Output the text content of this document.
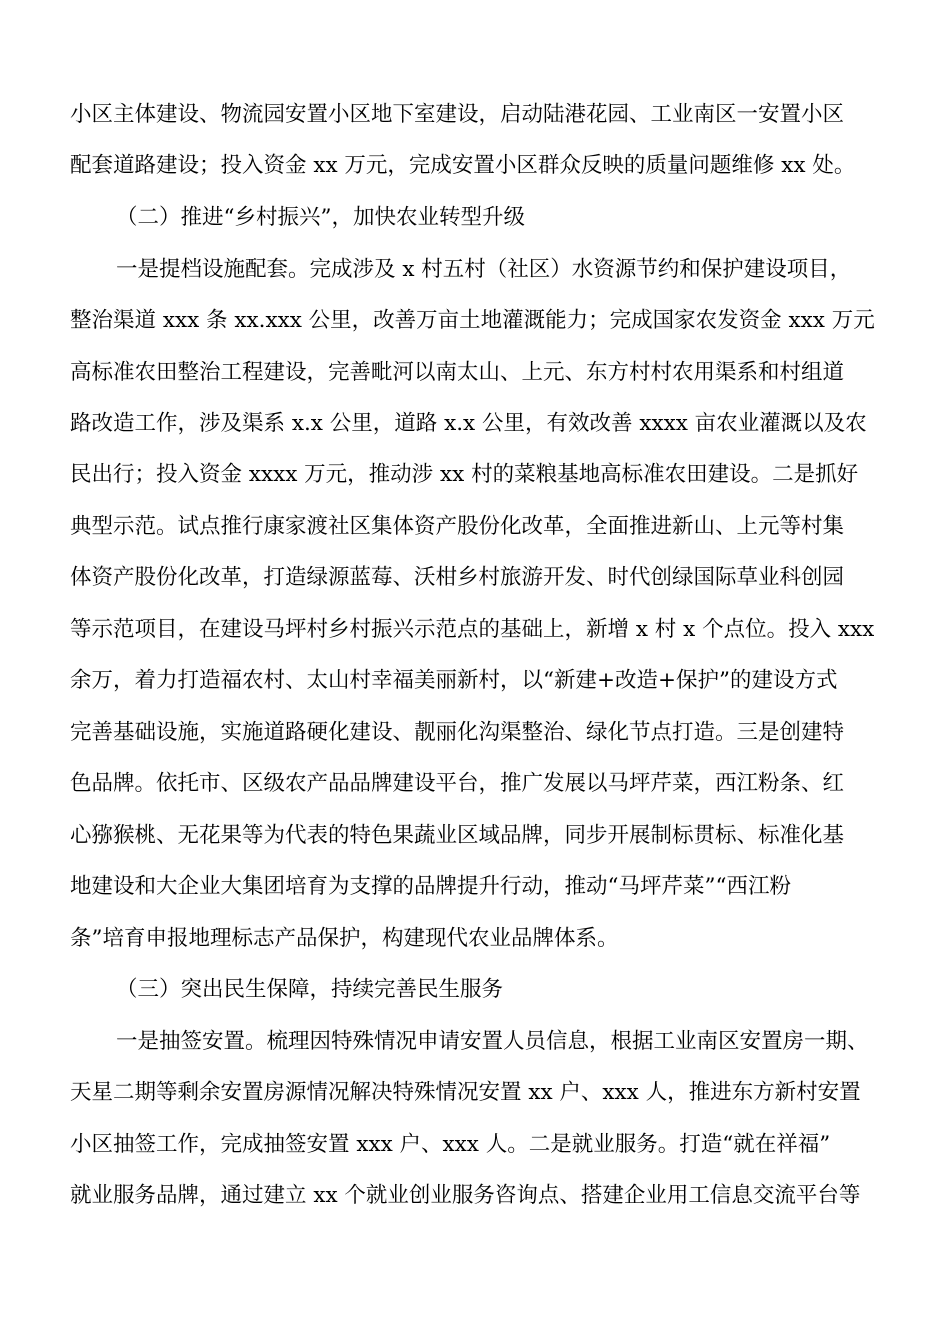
小区主体建设、物流园安置小区地下室建设，启动陆港花园、工业南区一安置小区
配套道路建设；投入资金 xx 万元，完成安置小区群众反映的质量问题维修 xx 处。
（二）推进“乡村振兴”，加快农业转型升级
一是提档设施配套。完成涉及 x 村五村（社区）水资源节约和保护建设项目，
整治渠道 xxx 条 xx.xxx 公里，改善万亩土地灌溉能力；完成国家农发资金 xxx 万元
高标准农田整治工程建设，完善毗河以南太山、上元、东方村村农用渠系和村组道
路改造工作，涉及渠系 x.x 公里，道路 x.x 公里，有效改善 xxxx 亩农业灌溉以及农
民出行；投入资金 xxxx 万元，推动涉 xx 村的菜粮基地高标准农田建设。二是抓好
典型示范。试点推行康家渡社区集体资产股份化改革，全面推进新山、上元等村集
体资产股份化改革，打造绿源蓝莓、沃柑乡村旅游开发、时代创绿国际草业科创园
等示范项目，在建设马坪村乡村振兴示范点的基础上，新增 x 村 x 个点位。投入 xxx
余万，着力打造福农村、太山村幸福美丽新村，以“新建+改造+保护”的建设方式
完善基础设施，实施道路硬化建设、靓丽化沟渠整治、绿化节点打造。三是创建特
色品牌。依托市、区级农产品品牌建设平台，推广发展以马坪芹菜，西江粉条、红
心猕猴桃、无花果等为代表的特色果蔬业区域品牌，同步开展制标贯标、标准化基
地建设和大企业大集团培育为支撑的品牌提升行动，推动“马坪芹菜”“西江粉
条”培育申报地理标志产品保护，构建现代农业品牌体系。
（三）突出民生保障，持续完善民生服务
一是抽签安置。梳理因特殊情况申请安置人员信息，根据工业南区安置房一期、
天星二期等剩余安置房源情况解决特殊情况安置 xx 户、xxx 人，推进东方新村安置
小区抽签工作，完成抽签安置 xxx 户、xxx 人。二是就业服务。打造“就在祥福”
就业服务品牌，通过建立 xx 个就业创业服务咨询点、搭建企业用工信息交流平台等
